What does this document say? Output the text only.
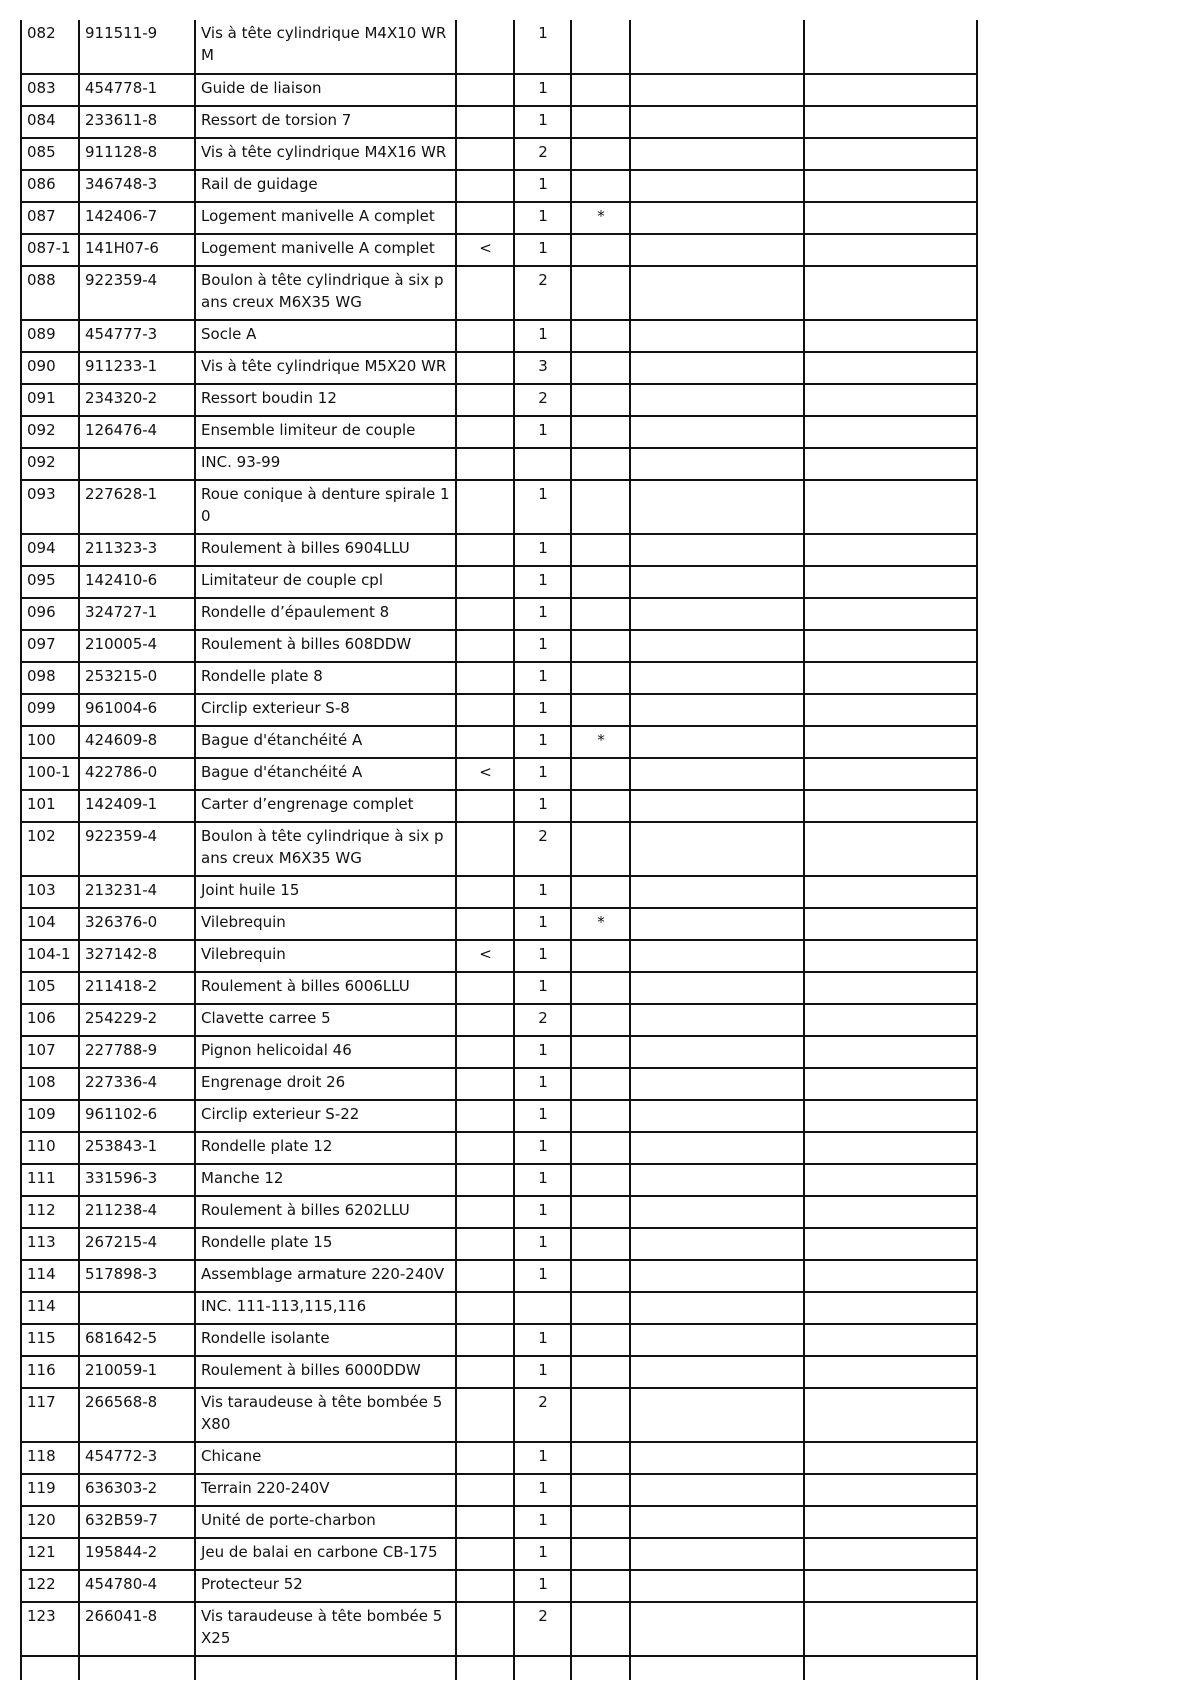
082	911511-9	Vis à tête cylindrique M4X10 WR M		1			
083	454778-1	Guide de liaison		1			
084	233611-8	Ressort de torsion 7		1			
085	911128-8	Vis à tête cylindrique M4X16 WR		2			
086	346748-3	Rail de guidage		1			
087	142406-7	Logement manivelle A complet		1	*		
087-1	141H07-6	Logement manivelle A complet	<	1			
088	922359-4	Boulon à tête cylindrique à six pans creux M6X35 WG		2			
089	454777-3	Socle A		1			
090	911233-1	Vis à tête cylindrique M5X20 WR		3			
091	234320-2	Ressort boudin 12		2			
092	126476-4	Ensemble limiteur de couple		1			
092		INC. 93-99					
093	227628-1	Roue conique à denture spirale 10		1			
094	211323-3	Roulement à billes 6904LLU		1			
095	142410-6	Limitateur de couple cpl		1			
096	324727-1	Rondelle d’épaulement 8		1			
097	210005-4	Roulement à billes 608DDW		1			
098	253215-0	Rondelle plate 8		1			
099	961004-6	Circlip exterieur S-8		1			
100	424609-8	Bague d'étanchéité A		1	*		
100-1	422786-0	Bague d'étanchéité A	<	1			
101	142409-1	Carter d’engrenage complet		1			
102	922359-4	Boulon à tête cylindrique à six pans creux M6X35 WG		2			
103	213231-4	Joint huile 15		1			
104	326376-0	Vilebrequin		1	*		
104-1	327142-8	Vilebrequin	<	1			
105	211418-2	Roulement à billes 6006LLU		1			
106	254229-2	Clavette carree 5		2			
107	227788-9	Pignon helicoidal 46		1			
108	227336-4	Engrenage droit 26		1			
109	961102-6	Circlip exterieur S-22		1			
110	253843-1	Rondelle plate 12		1			
111	331596-3	Manche 12		1			
112	211238-4	Roulement à billes 6202LLU		1			
113	267215-4	Rondelle plate 15		1			
114	517898-3	Assemblage armature 220-240V		1			
114		INC. 111-113,115,116					
115	681642-5	Rondelle isolante		1			
116	210059-1	Roulement à billes 6000DDW		1			
117	266568-8	Vis taraudeuse à tête bombée 5X80		2			
118	454772-3	Chicane		1			
119	636303-2	Terrain 220-240V		1			
120	632B59-7	Unité de porte-charbon		1			
121	195844-2	Jeu de balai en carbone CB-175		1			
122	454780-4	Protecteur 52		1			
123	266041-8	Vis taraudeuse à tête bombée 5X25		2			
